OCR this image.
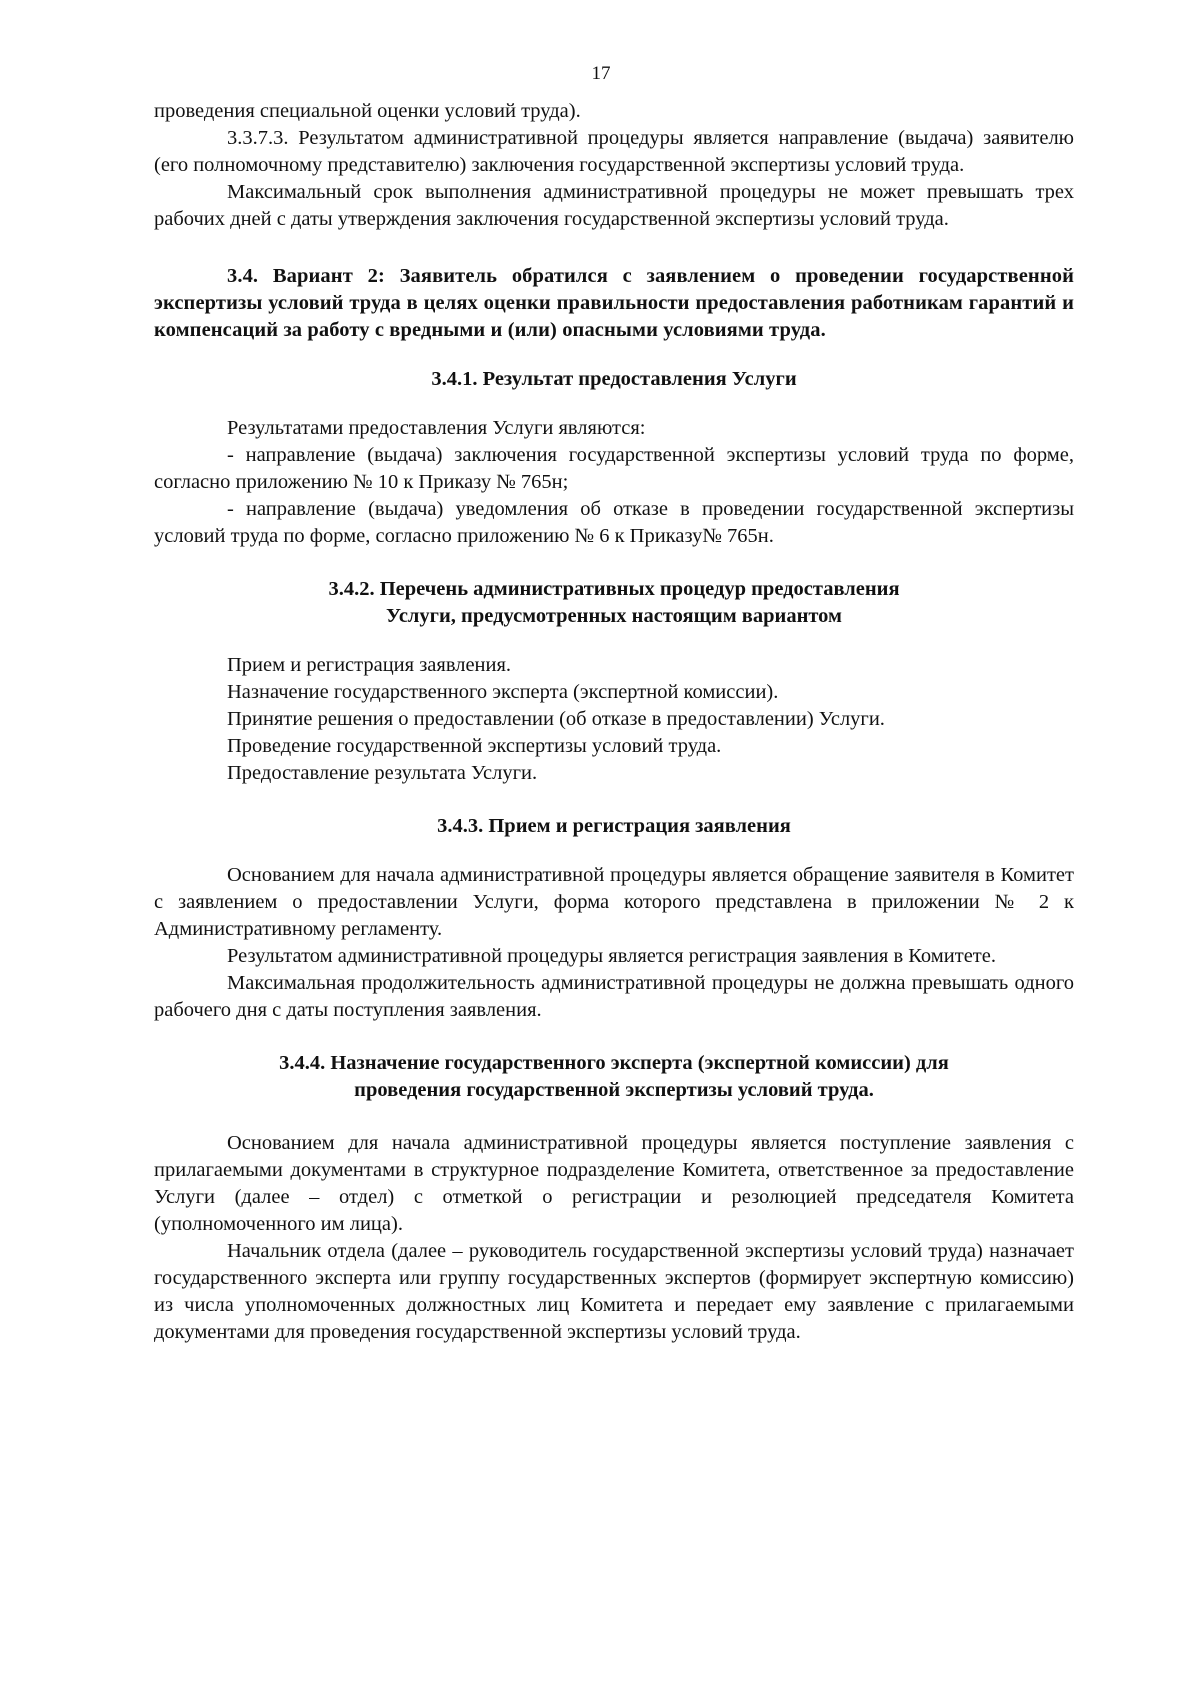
17

проведения специальной оценки условий труда).

3.3.7.3. Результатом административной процедуры является направление (выдача) заявителю (его полномочному представителю) заключения государственной экспертизы условий труда.

Максимальный срок выполнения административной процедуры не может превышать трех рабочих дней с даты утверждения заключения государственной экспертизы условий труда.

3.4. Вариант 2: Заявитель обратился с заявлением о проведении государственной экспертизы условий труда в целях оценки правильности предоставления работникам гарантий и компенсаций за работу с вредными и (или) опасными условиями труда.

3.4.1. Результат предоставления Услуги

Результатами предоставления Услуги являются:

- направление (выдача) заключения государственной экспертизы условий труда по форме, согласно приложению № 10 к Приказу № 765н;

- направление (выдача) уведомления об отказе в проведении государственной экспертизы условий труда по форме, согласно приложению № 6 к Приказу№ 765н.

3.4.2. Перечень административных процедур предоставления

Услуги, предусмотренных настоящим вариантом

Прием и регистрация заявления.

Назначение государственного эксперта (экспертной комиссии).

Принятие решения о предоставлении (об отказе в предоставлении) Услуги.

Проведение государственной экспертизы условий труда.

Предоставление результата Услуги.

3.4.3. Прием и регистрация заявления

Основанием для начала административной процедуры является обращение заявителя в Комитет с заявлением о предоставлении Услуги, форма которого представлена в приложении № 2 к Административному регламенту.

Результатом административной процедуры является регистрация заявления в Комитете.

Максимальная продолжительность административной процедуры не должна превышать одного рабочего дня с даты поступления заявления.

3.4.4. Назначение государственного эксперта (экспертной комиссии) для

проведения государственной экспертизы условий труда.

Основанием для начала административной процедуры является поступление заявления с прилагаемыми документами в структурное подразделение Комитета, ответственное за предоставление Услуги (далее – отдел) с отметкой о регистрации и резолюцией председателя Комитета (уполномоченного им лица).

Начальник отдела (далее – руководитель государственной экспертизы условий труда) назначает государственного эксперта или группу государственных экспертов (формирует экспертную комиссию) из числа уполномоченных должностных лиц Комитета и передает ему заявление с прилагаемыми документами для проведения государственной экспертизы условий труда.
